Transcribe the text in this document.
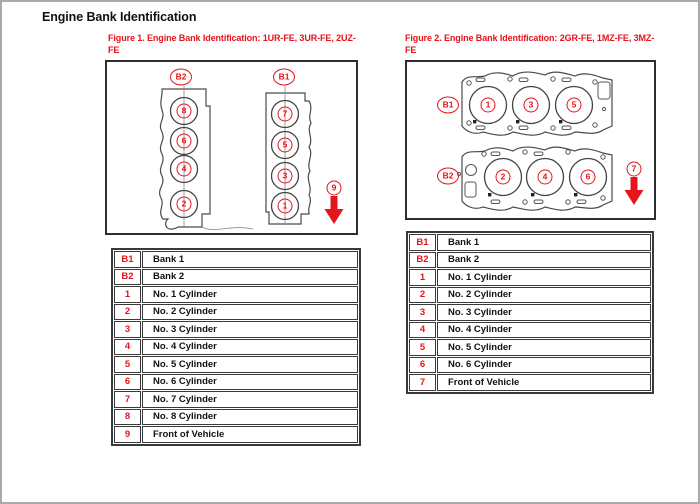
Engine Bank Identification
Figure 1. Engine Bank Identification: 1UR-FE, 3UR-FE, 2UZ-FE
Figure 2. Engine Bank Identification: 2GR-FE, 1MZ-FE, 3MZ-FE
B2	B1
8
6
4
2
7
5
3
1
9
B1
B2
1	3	5
2	4	6
7
B1	Bank 1
B2	Bank 2
1	No. 1 Cylinder
2	No. 2 Cylinder
3	No. 3 Cylinder
4	No. 4 Cylinder
5	No. 5 Cylinder
6	No. 6 Cylinder
7	No. 7 Cylinder
8	No. 8 Cylinder
9	Front of Vehicle
B1	Bank 1
B2	Bank 2
1	No. 1 Cylinder
2	No. 2 Cylinder
3	No. 3 Cylinder
4	No. 4 Cylinder
5	No. 5 Cylinder
6	No. 6 Cylinder
7	Front of Vehicle
